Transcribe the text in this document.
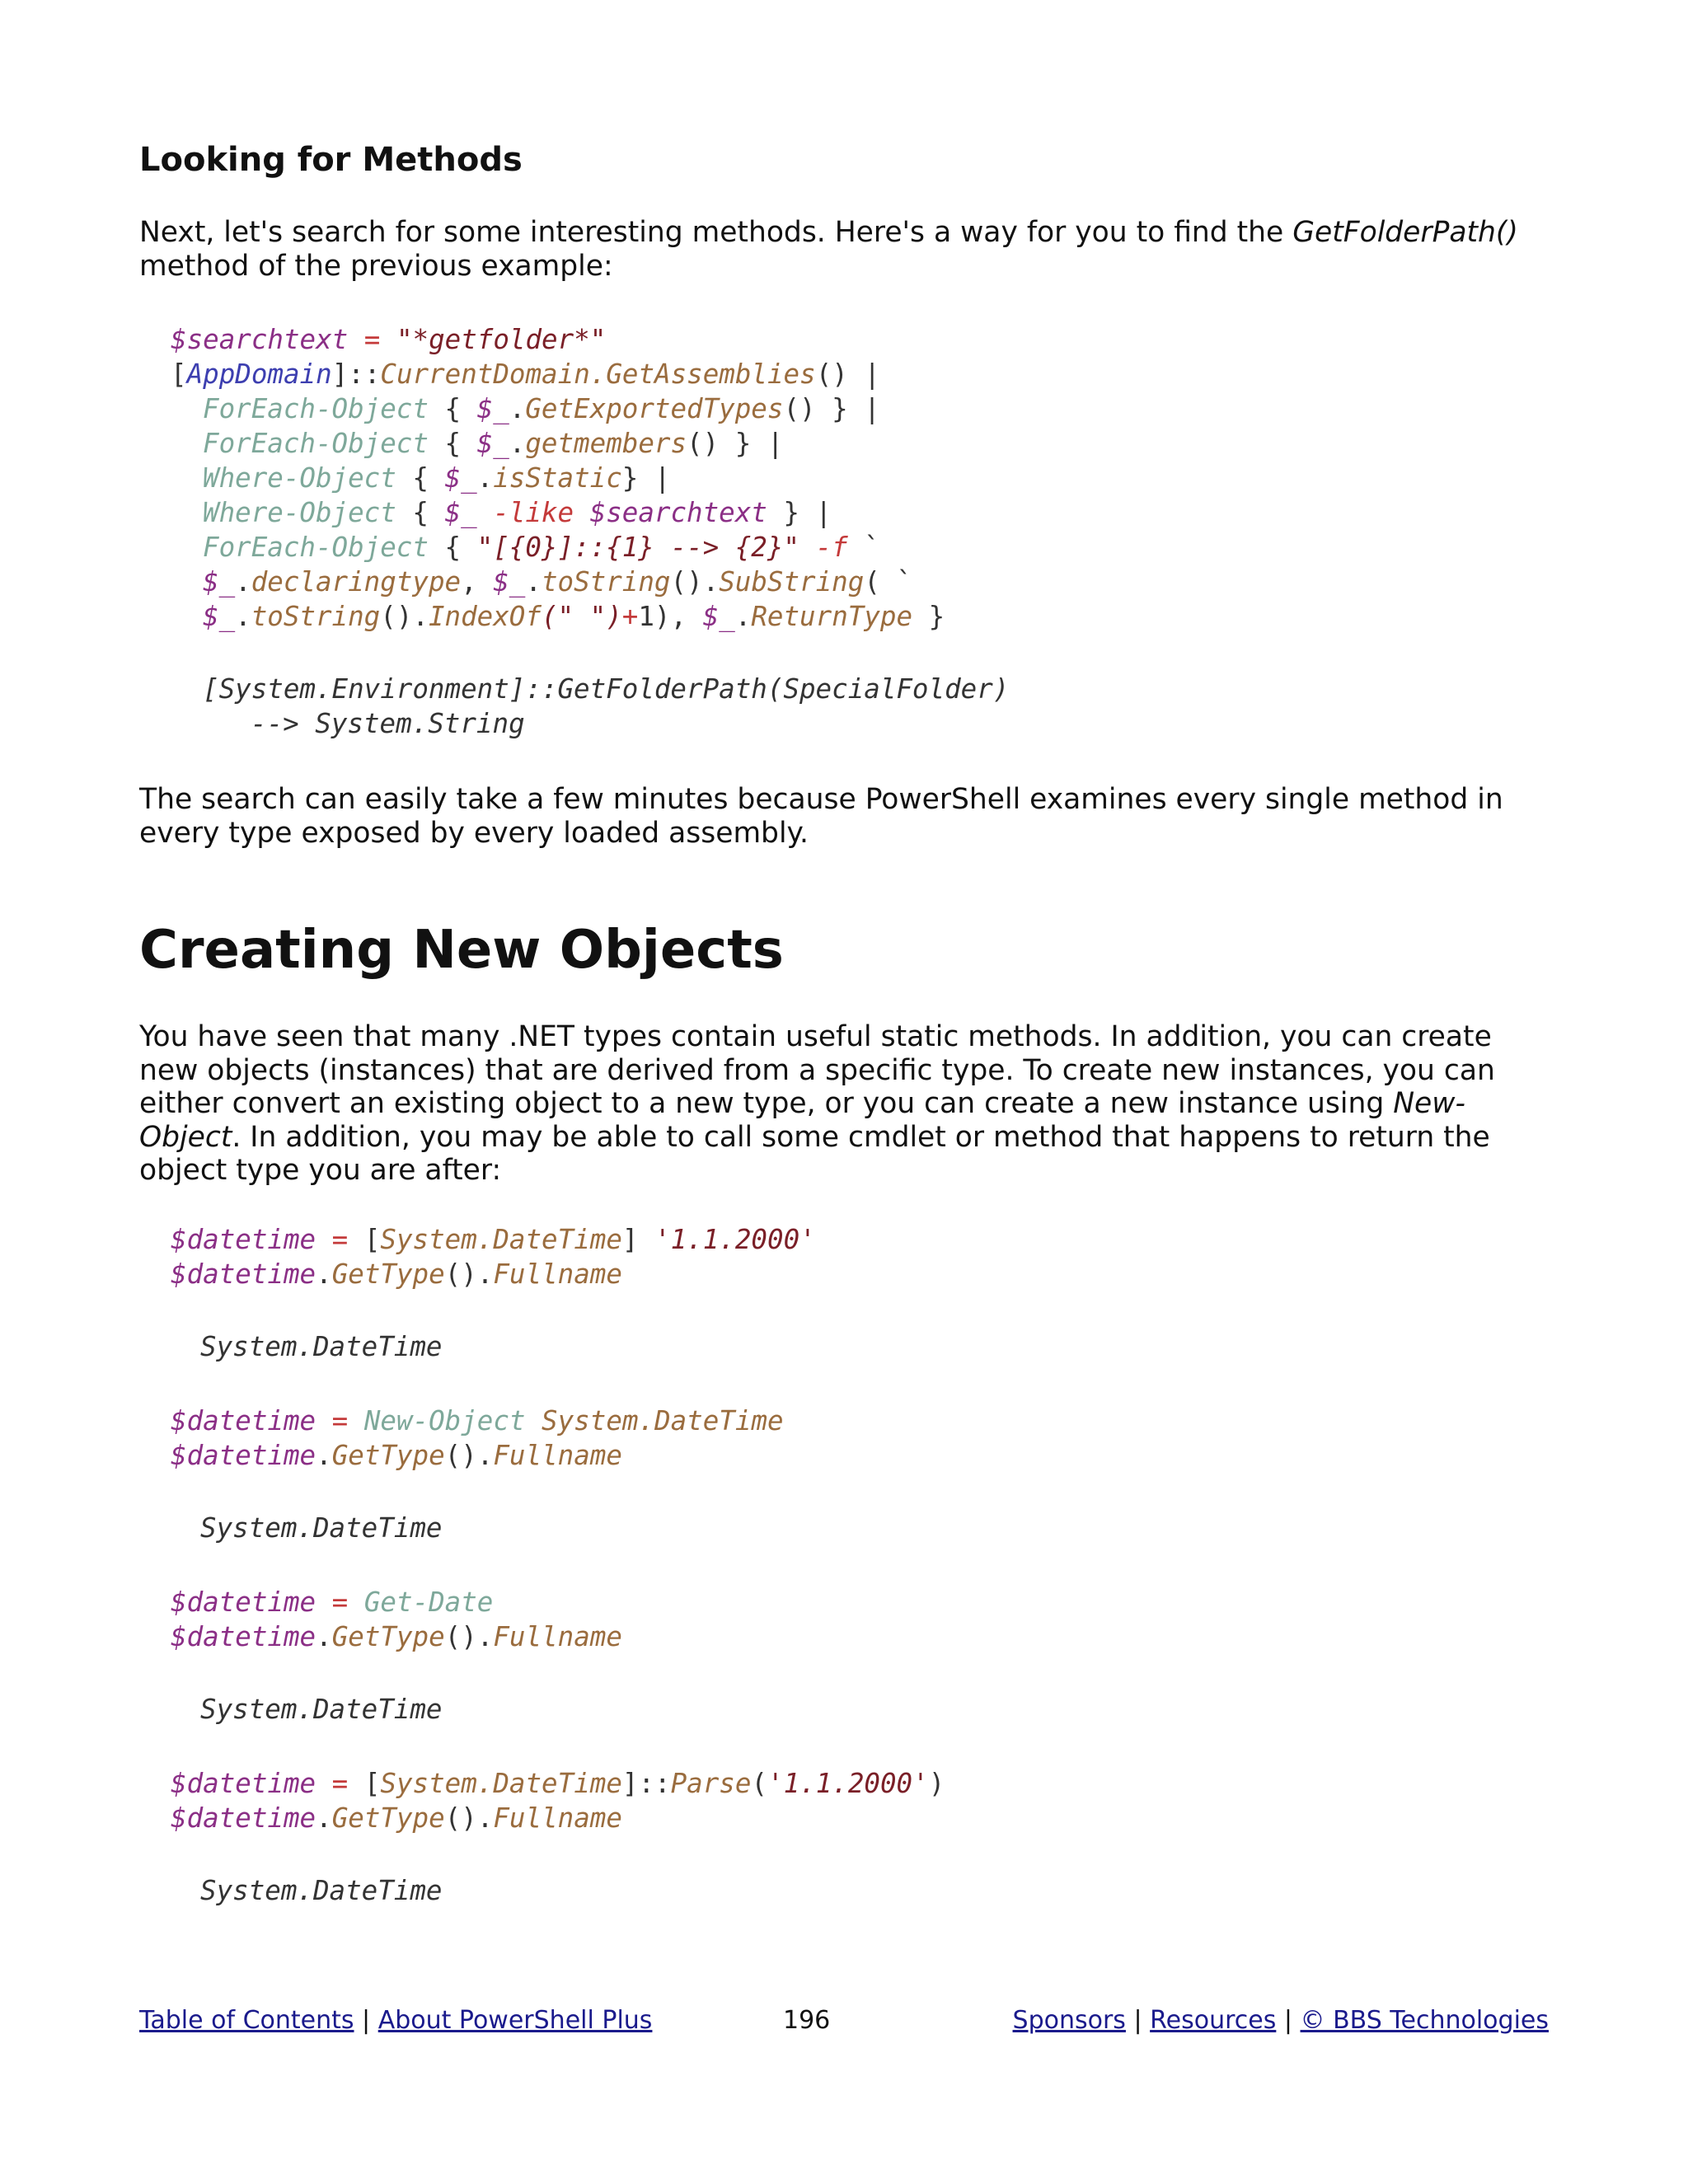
Looking for Methods

Next, let's search for some interesting methods. Here's a way for you to find the GetFolderPath() method of the previous example:

$searchtext = "*getfolder*"

[AppDomain]::CurrentDomain.GetAssemblies() |

ForEach-Object { $_.GetExportedTypes() } |

ForEach-Object { $_.getmembers() } |

Where-Object { $_.isStatic} |

Where-Object { $_ -like $searchtext } |

ForEach-Object { "[{0}]::{1} --> {2}" -f `

$_.declaringtype, $_.toString().SubString( `

$_.toString().IndexOf(" ")+1), $_.ReturnType }

[System.Environment]::GetFolderPath(SpecialFolder)

--> System.String

The search can easily take a few minutes because PowerShell examines every single method in every type exposed by every loaded assembly.

Creating New Objects

You have seen that many .NET types contain useful static methods. In addition, you can create new objects (instances) that are derived from a specific type. To create new instances, you can either convert an existing object to a new type, or you can create a new instance using New-Object. In addition, you may be able to call some cmdlet or method that happens to return the object type you are after:

$datetime = [System.DateTime] '1.1.2000'

$datetime.GetType().Fullname

System.DateTime

$datetime = New-Object System.DateTime

$datetime.GetType().Fullname

System.DateTime

$datetime = Get-Date

$datetime.GetType().Fullname

System.DateTime

$datetime = [System.DateTime]::Parse('1.1.2000')

$datetime.GetType().Fullname

System.DateTime

Table of Contents | About PowerShell Plus	196	Sponsors | Resources | © BBS Technologies
